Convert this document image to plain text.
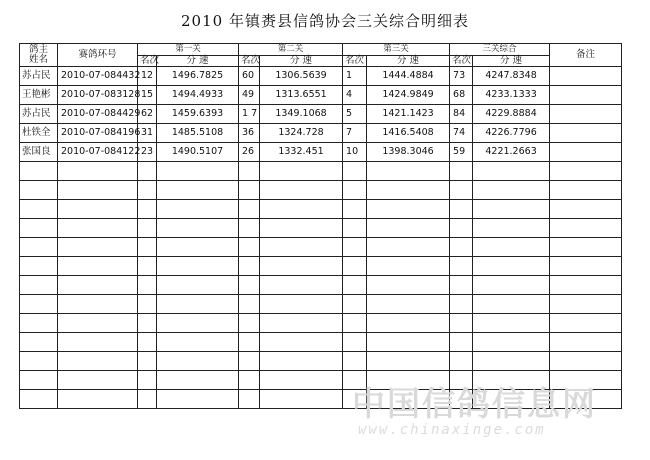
2010 年镇赉县信鸽协会三关综合明细表
鸽主
姓名	赛鸽环号	第一关		第二关		第三关		三关综合		备注
		名次	分 速	名次	分 速	名次	分 速	名次	分 速	
苏占民	2010-07-084432	12	1496.7825	60	1306.5639	1	1444.4884	73	4247.8348	
王艳彬	2010-07-083128	15	1494.4933	49	1313.6551	4	1424.9849	68	4233.1333	
苏占民	2010-07-084429	62	1459.6393	1 7	1349.1068	5	1421.1423	84	4229.8884	
杜铁全	2010-07-084196	31	1485.5108	36	1324.728	7	1416.5408	74	4226.7796	
张国良	2010-07-084122	23	1490.5107	26	1332.451	10	1398.3046	59	4221.2663	

中国信鸽信息网
www.chinaxinge.com
